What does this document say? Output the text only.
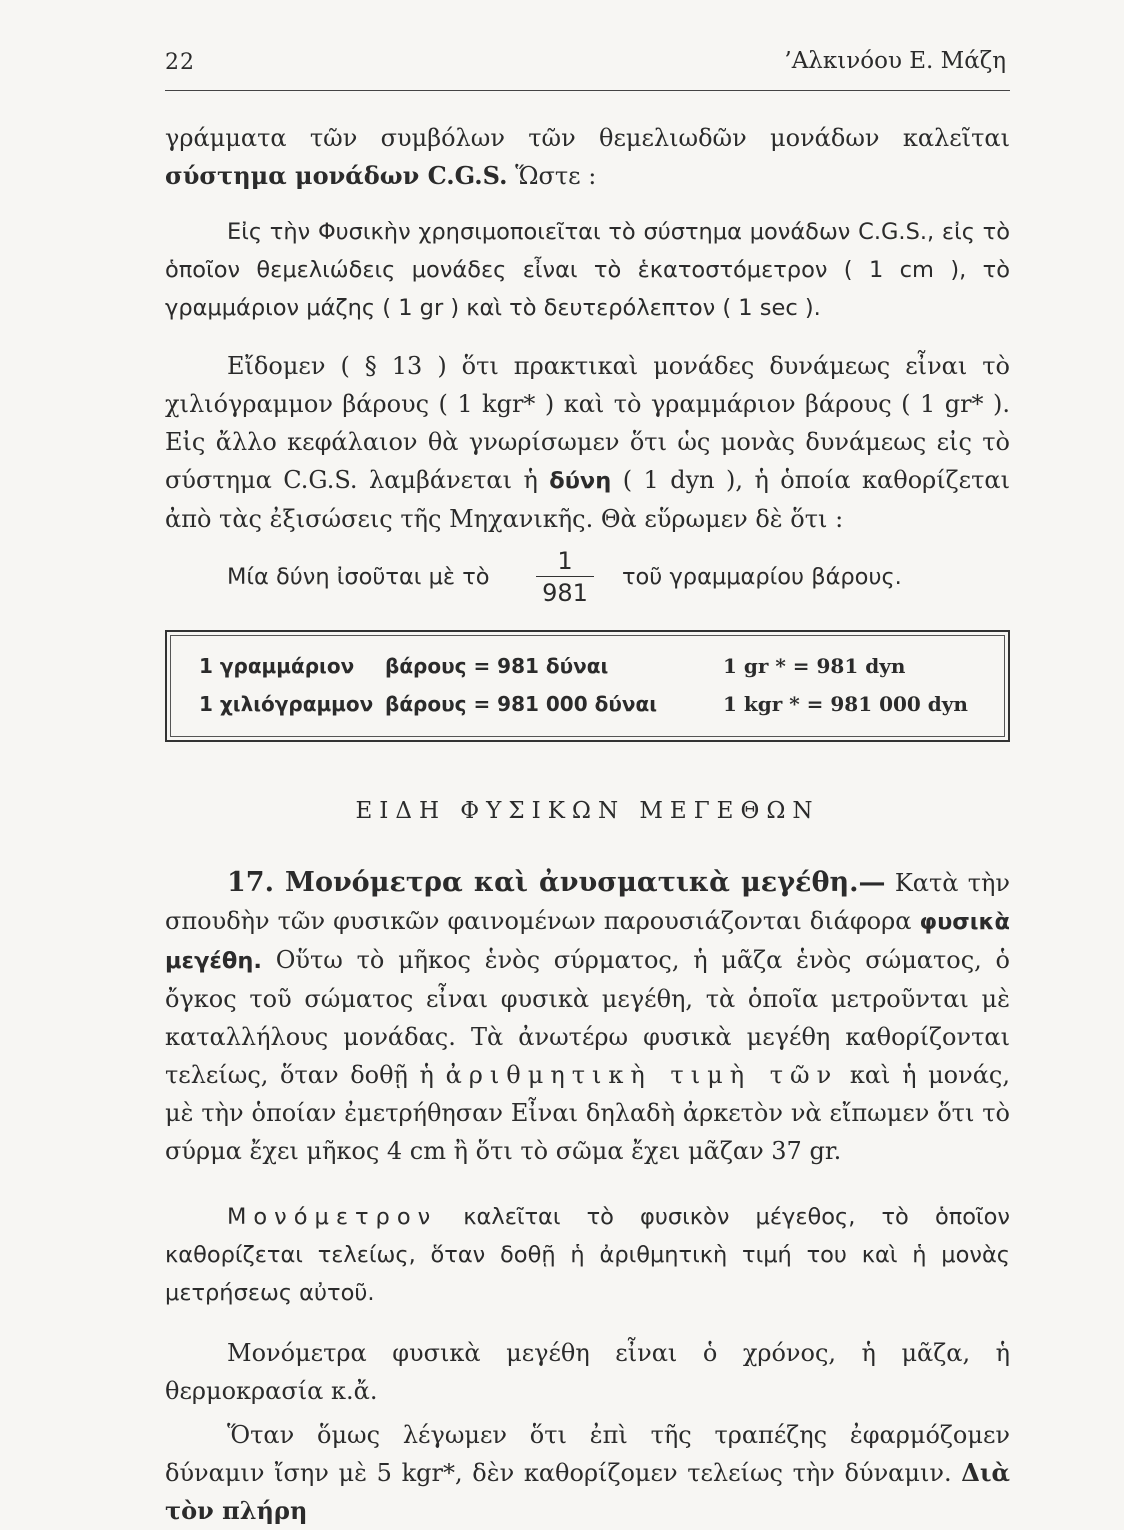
22	’Αλκινόου Ε. Μάζη

γράμματα τῶν συμβόλων τῶν θεμελιωδῶν μονάδων καλεῖται σύστημα μονάδων C.G.S. Ὥστε :

Εἰς τὴν Φυσικὴν χρησιμοποιεῖται τὸ σύστημα μονάδων C.G.S., εἰς τὸ ὁποῖον θεμελιώδεις μονάδες εἶναι τὸ ἑκατοστόμετρον ( 1 cm ), τὸ γραμμάριον μάζης ( 1 gr ) καὶ τὸ δευτερόλεπτον ( 1 sec ).

Εἴδομεν ( § 13 ) ὅτι πρακτικαὶ μονάδες δυνάμεως εἶναι τὸ χιλιόγραμμον βάρους ( 1 kgr* ) καὶ τὸ γραμμάριον βάρους ( 1 gr* ). Εἰς ἄλλο κεφάλαιον θὰ γνωρίσωμεν ὅτι ὡς μονὰς δυνάμεως εἰς τὸ σύστημα C.G.S. λαμβάνεται ἡ δύνη ( 1 dyn ), ἡ ὁποία καθορίζεται ἀπὸ τὰς ἐξισώσεις τῆς Μηχανικῆς. Θὰ εὕρωμεν δὲ ὅτι :

Μία δύνη ἰσοῦται μὲ τὸ
1
981
τοῦ γραμμαρίου βάρους.
1 γραμμάριον βάρους = 981 δύναι	1 gr * = 981 dyn
1 χιλιόγραμμον βάρους = 981 000 δύναι	1 kgr * = 981 000 dyn
ΕΙΔΗ ΦΥΣΙΚΩΝ ΜΕΓΕΘΩΝ

17. Μονόμετρα καὶ ἀνυσματικὰ μεγέθη.— Κατὰ τὴν σπουδὴν τῶν φυσικῶν φαινομένων παρουσιάζονται διάφορα φυσικὰ μεγέθη. Οὕτω τὸ μῆκος ἑνὸς σύρματος, ἡ μᾶζα ἑνὸς σώματος, ὁ ὄγκος τοῦ σώματος εἶναι φυσικὰ μεγέθη, τὰ ὁποῖα μετροῦνται μὲ καταλλήλους μονάδας. Τὰ ἀνωτέρω φυσικὰ μεγέθη καθορίζονται τελείως, ὅταν δοθῇ ἡ ἀριθμητικὴ τιμὴ τῶν καὶ ἡ μονάς, μὲ τὴν ὁποίαν ἐμετρήθησαν Εἶναι δηλαδὴ ἀρκετὸν νὰ εἴπωμεν ὅτι τὸ σύρμα ἔχει μῆκος 4 cm ἢ ὅτι τὸ σῶμα ἔχει μᾶζαν 37 gr.

Μονόμετρον καλεῖται τὸ φυσικὸν μέγεθος, τὸ ὁποῖον καθορίζεται τελείως, ὅταν δοθῇ ἡ ἀριθμητικὴ τιμή του καὶ ἡ μονὰς μετρήσεως αὐτοῦ.

Μονόμετρα φυσικὰ μεγέθη εἶναι ὁ χρόνος, ἡ μᾶζα, ἡ θερμοκρασία κ.ἄ.

Ὅταν ὅμως λέγωμεν ὅτι ἐπὶ τῆς τραπέζης ἐφαρμόζομεν δύναμιν ἴσην μὲ 5 kgr*, δὲν καθορίζομεν τελείως τὴν δύναμιν. Διὰ τὸν πλήρη
